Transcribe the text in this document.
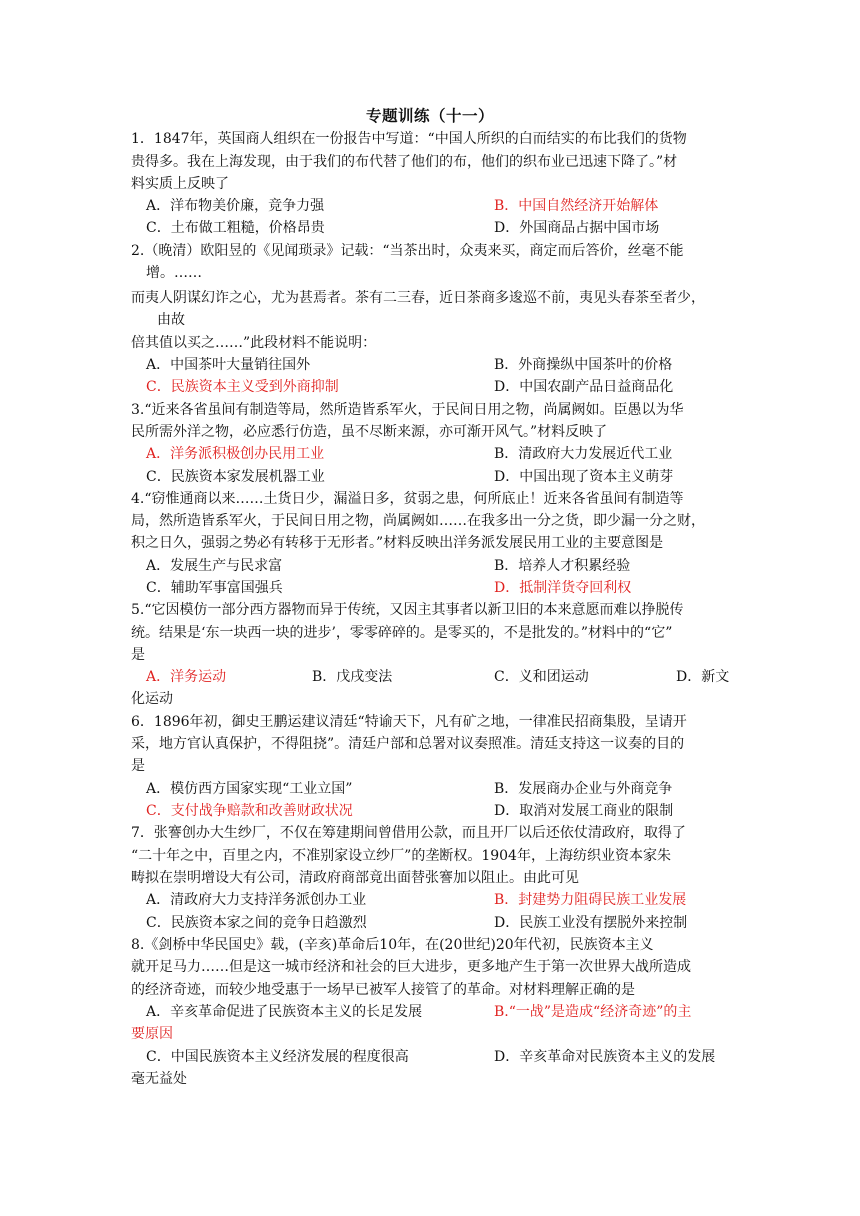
专题训练（十一）
1．1847年，英国商人组织在一份报告中写道：“中国人所织的白而结实的布比我们的货物
贵得多。我在上海发现，由于我们的布代替了他们的布，他们的织布业已迅速下降了。”材
料实质上反映了
A．洋布物美价廉，竞争力强	B．中国自然经济开始解体
C．土布做工粗糙，价格昂贵	D．外国商品占据中国市场
2.（晚清）欧阳昱的《见闻琐录》记载：“当茶出时，众夷来买，商定而后答价，丝毫不能
增。……
而夷人阴谋幻诈之心，尤为甚焉者。茶有二三春，近日茶商多逡巡不前，夷见头春茶至者少，
由故
倍其值以买之……”此段材料不能说明：
A．中国茶叶大量销往国外	B．外商操纵中国茶叶的价格
C．民族资本主义受到外商抑制	D．中国农副产品日益商品化
3.“近来各省虽间有制造等局，然所造皆系军火，于民间日用之物，尚属阙如。臣愚以为华
民所需外洋之物，必应悉行仿造，虽不尽断来源，亦可渐开风气。”材料反映了
A．洋务派积极创办民用工业	B．清政府大力发展近代工业
C．民族资本家发展机器工业	D．中国出现了资本主义萌芽
4.“窃惟通商以来……土货日少，漏溢日多，贫弱之患，何所底止！近来各省虽间有制造等
局，然所造皆系军火，于民间日用之物，尚属阙如……在我多出一分之货，即少漏一分之财，
积之日久，强弱之势必有转移于无形者。”材料反映出洋务派发展民用工业的主要意图是
A．发展生产与民求富	B．培养人才积累经验
C．辅助军事富国强兵	D．抵制洋货夺回利权
5.“它因模仿一部分西方器物而异于传统，又因主其事者以新卫旧的本来意愿而难以挣脱传
统。结果是‘东一块西一块的进步’，零零碎碎的。是零买的，不是批发的。”材料中的“它”
是
A．洋务运动	B．戊戌变法	C．义和团运动	D．新文
化运动
6．1896年初，御史王鹏运建议清廷“特谕天下，凡有矿之地，一律准民招商集股，呈请开
采，地方官认真保护，不得阻挠”。清廷户部和总署对议奏照准。清廷支持这一议奏的目的
是
A．模仿西方国家实现“工业立国”	B．发展商办企业与外商竞争
C．支付战争赔款和改善财政状况	D．取消对发展工商业的限制
7．张謇创办大生纱厂，不仅在筹建期间曾借用公款，而且开厂以后还依仗清政府，取得了
“二十年之中，百里之内，不准别家设立纱厂”的垄断权。1904年，上海纺织业资本家朱
畴拟在崇明增设大有公司，清政府商部竟出面替张謇加以阻止。由此可见
A．清政府大力支持洋务派创办工业	B．封建势力阻碍民族工业发展
C．民族资本家之间的竞争日趋激烈	D．民族工业没有摆脱外来控制
8.《剑桥中华民国史》载，(辛亥)革命后10年，在(20世纪)20年代初，民族资本主义
就开足马力……但是这一城市经济和社会的巨大进步，更多地产生于第一次世界大战所造成
的经济奇迹，而较少地受惠于一场早已被军人接管了的革命。对材料理解正确的是
A．辛亥革命促进了民族资本主义的长足发展	B.“一战”是造成“经济奇迹”的主
要原因
C．中国民族资本主义经济发展的程度很高	D．辛亥革命对民族资本主义的发展
毫无益处
